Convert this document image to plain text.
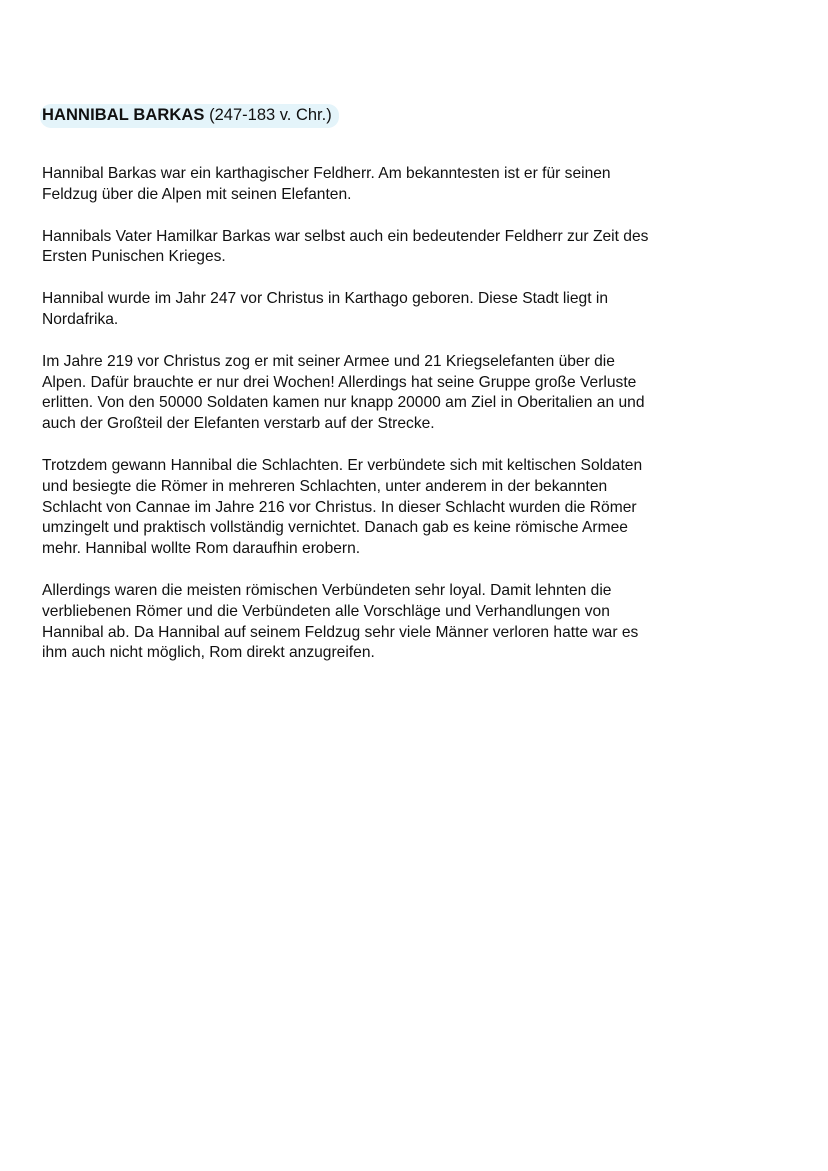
HANNIBAL BARKAS (247-183 v. Chr.)

Hannibal Barkas war ein karthagischer Feldherr. Am bekanntesten ist er für seinen
Feldzug über die Alpen mit seinen Elefanten.

Hannibals Vater Hamilkar Barkas war selbst auch ein bedeutender Feldherr zur Zeit des
Ersten Punischen Krieges.

Hannibal wurde im Jahr 247 vor Christus in Karthago geboren. Diese Stadt liegt in
Nordafrika.

Im Jahre 219 vor Christus zog er mit seiner Armee und 21 Kriegselefanten über die
Alpen. Dafür brauchte er nur drei Wochen! Allerdings hat seine Gruppe große Verluste
erlitten. Von den 50000 Soldaten kamen nur knapp 20000 am Ziel in Oberitalien an und
auch der Großteil der Elefanten verstarb auf der Strecke.

Trotzdem gewann Hannibal die Schlachten. Er verbündete sich mit keltischen Soldaten
und besiegte die Römer in mehreren Schlachten, unter anderem in der bekannten
Schlacht von Cannae im Jahre 216 vor Christus. In dieser Schlacht wurden die Römer
umzingelt und praktisch vollständig vernichtet. Danach gab es keine römische Armee
mehr. Hannibal wollte Rom daraufhin erobern.

Allerdings waren die meisten römischen Verbündeten sehr loyal. Damit lehnten die
verbliebenen Römer und die Verbündeten alle Vorschläge und Verhandlungen von
Hannibal ab. Da Hannibal auf seinem Feldzug sehr viele Männer verloren hatte war es
ihm auch nicht möglich, Rom direkt anzugreifen.
